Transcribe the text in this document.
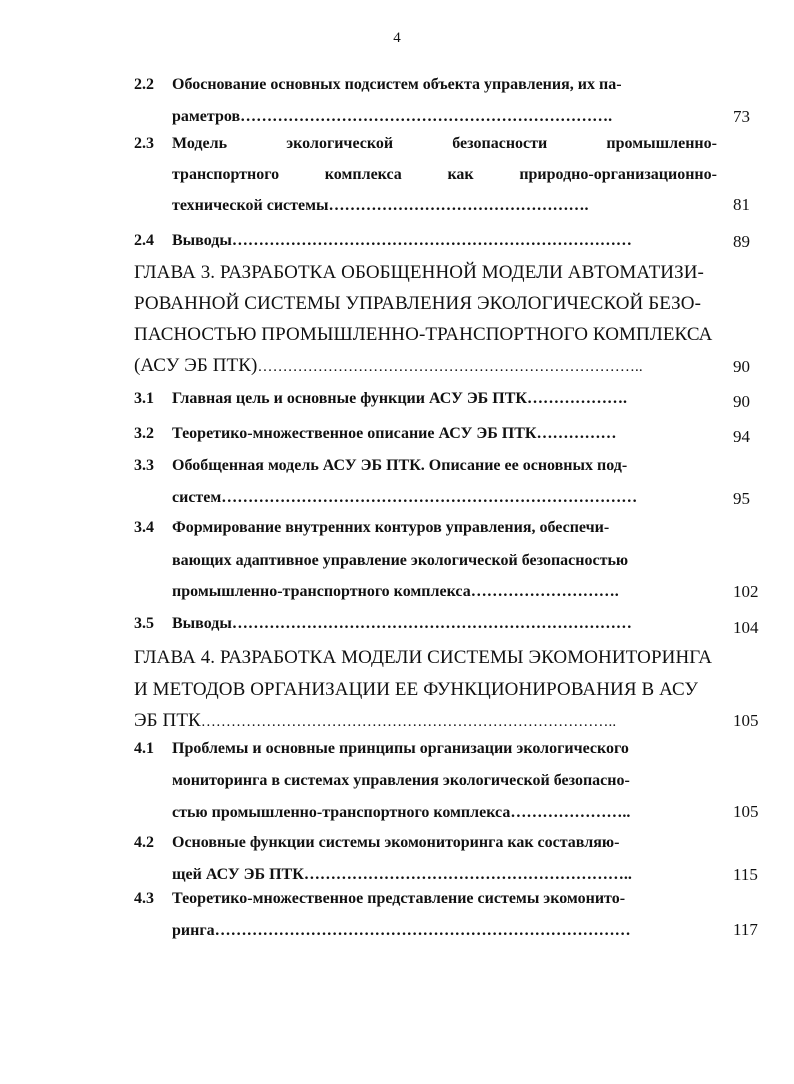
4
2.2 Обоснование основных подсистем объекта управления, их па-
раметров…………………………………………………………….	73
2.3 Модель	экологической	безопасности	промышленно-
транспортного	комплекса	как	природно-организационно-
технической системы………………………………………….	81
2.4 Выводы…………………………………………………………………	89
ГЛАВА 3. РАЗРАБОТКА ОБОБЩЕННОЙ МОДЕЛИ АВТОМАТИЗИ-
РОВАННОЙ СИСТЕМЫ УПРАВЛЕНИЯ ЭКОЛОГИЧЕСКОЙ БЕЗО-
ПАСНОСТЬЮ ПРОМЫШЛЕННО-ТРАНСПОРТНОГО КОМПЛЕКСА
(АСУ ЭБ ПТК)…………………………………………………………………..	90
3.1 Главная цель и основные функции АСУ ЭБ ПТК……………….	90
3.2 Теоретико-множественное описание АСУ ЭБ ПТК……………	94
3.3 Обобщенная модель АСУ ЭБ ПТК. Описание ее основных под-
систем……………………………………………………………………	95
3.4 Формирование внутренних контуров управления, обеспечи-
вающих адаптивное управление экологической безопасностью
промышленно-транспортного комплекса……………………….	102
3.5 Выводы…………………………………………………………………	104
ГЛАВА 4. РАЗРАБОТКА МОДЕЛИ СИСТЕМЫ ЭКОМОНИТОРИНГА
И МЕТОДОВ ОРГАНИЗАЦИИ ЕЕ ФУНКЦИОНИРОВАНИЯ В АСУ
ЭБ ПТК………………………………………………………………………..	105
4.1 Проблемы и основные принципы организации экологического
мониторинга в системах управления экологической безопасно-
стью промышленно-транспортного комплекса…………………..	105
4.2 Основные функции системы экомониторинга как составляю-
щей АСУ ЭБ ПТК……………………………………………………..	115
4.3 Теоретико-множественное представление системы экомонито-
ринга……………………………………………………………………	117
